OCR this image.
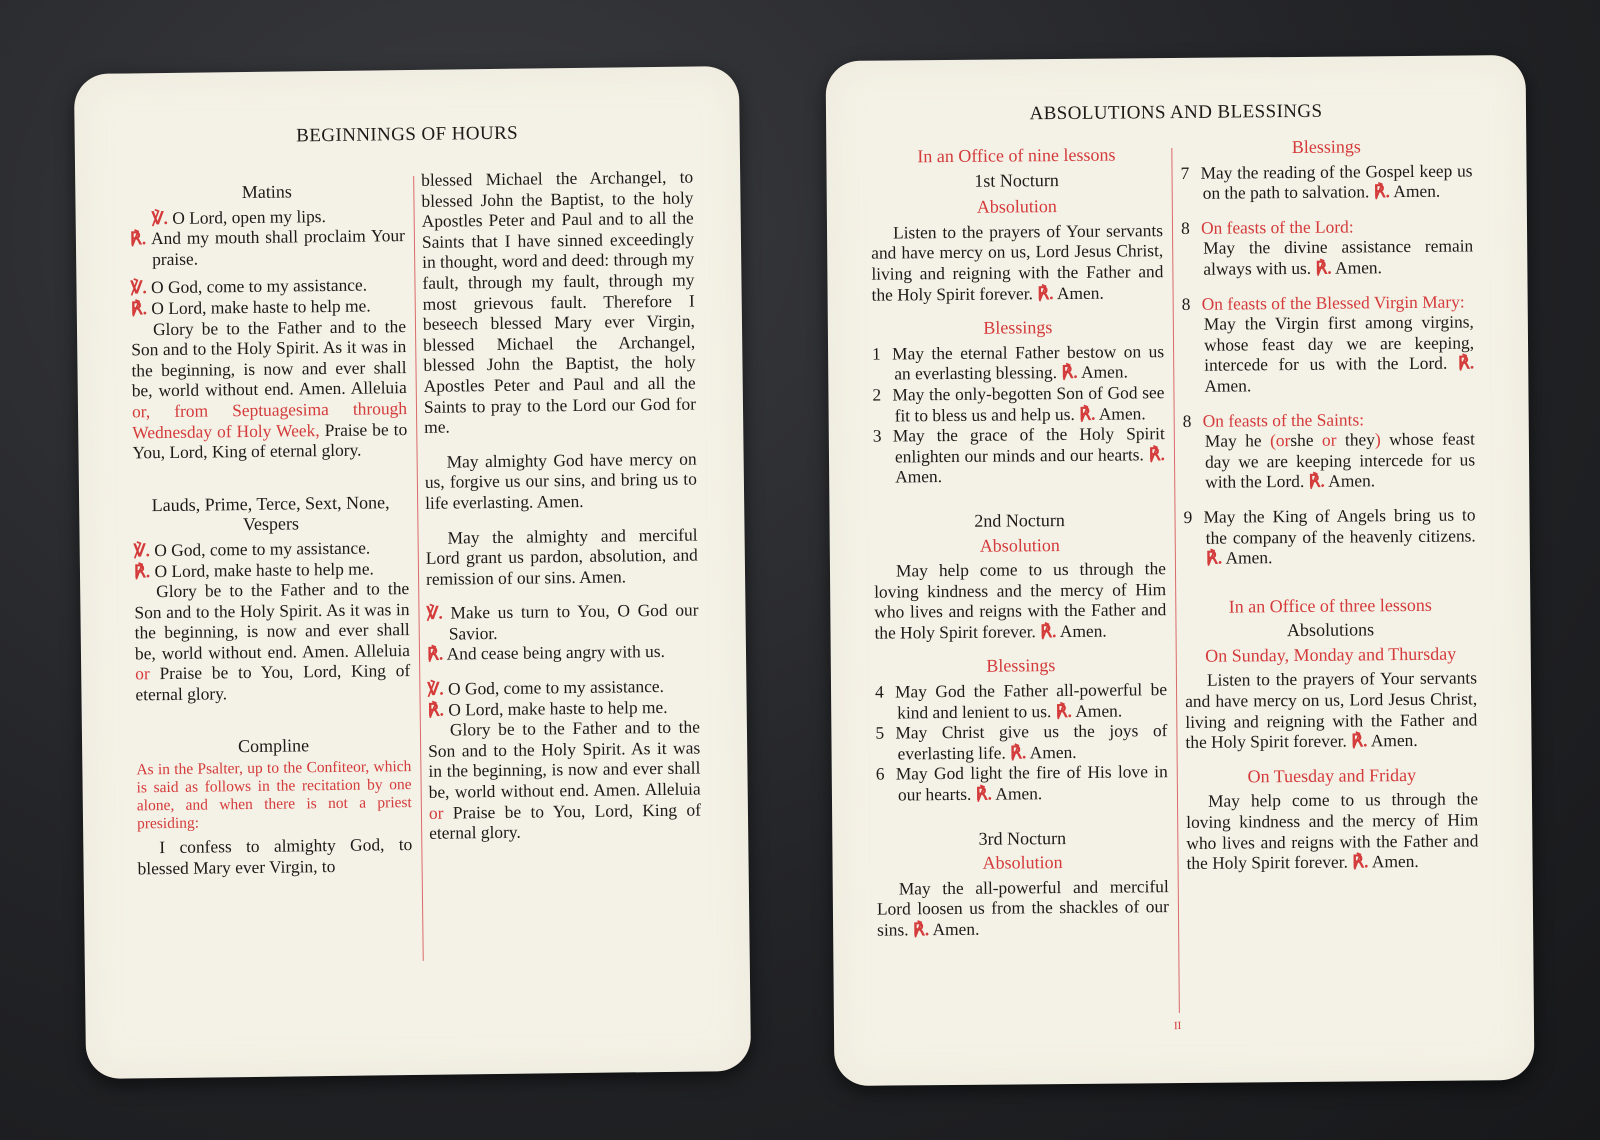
BEGINNINGS OF HOURS

Matins

℣. O Lord, open my lips.

℟. And my mouth shall proclaim Your praise.

℣. O God, come to my assistance.

℟. O Lord, make haste to help me.

Glory be to the Father and to the Son and to the Holy Spirit. As it was in the beginning, is now and ever shall be, world without end. Amen. Alleluia or, from Septuagesima through Wednesday of Holy Week, Praise be to You, Lord, King of eternal glory.

Lauds, Prime, Terce, Sext, None, Vespers

℣. O God, come to my assistance.

℟. O Lord, make haste to help me.

Glory be to the Father and to the Son and to the Holy Spirit. As it was in the beginning, is now and ever shall be, world without end. Amen. Alleluia or Praise be to You, Lord, King of eternal glory.

Compline

As in the Psalter, up to the Confiteor, which is said as follows in the recitation by one alone, and when there is not a priest presiding:

I confess to almighty God, to blessed Mary ever Virgin, to

blessed Michael the Archangel, to blessed John the Baptist, to the holy Apostles Peter and Paul and to all the Saints that I have sinned exceedingly in thought, word and deed: through my fault, through my fault, through my most grievous fault. Therefore I beseech blessed Mary ever Virgin, blessed Michael the Archangel, blessed John the Baptist, the holy Apostles Peter and Paul and all the Saints to pray to the Lord our God for me.

May almighty God have mercy on us, forgive us our sins, and bring us to life everlasting. Amen.

May the almighty and merciful Lord grant us pardon, absolution, and remission of our sins. Amen.

℣. Make us turn to You, O God our Savior.

℟. And cease being angry with us.

℣. O God, come to my assistance.

℟. O Lord, make haste to help me.

Glory be to the Father and to the Son and to the Holy Spirit. As it was in the beginning, is now and ever shall be, world without end. Amen. Alleluia or Praise be to You, Lord, King of eternal glory.

ABSOLUTIONS AND BLESSINGS

In an Office of nine lessons

1st Nocturn

Absolution

Listen to the prayers of Your servants and have mercy on us, Lord Jesus Christ, living and reigning with the Father and the Holy Spirit forever. ℟. Amen.

Blessings

1 May the eternal Father bestow on us an everlasting blessing. ℟. Amen.

2 May the only-begotten Son of God see fit to bless us and help us. ℟. Amen.

3 May the grace of the Holy Spirit enlighten our minds and our hearts. ℟. Amen.

2nd Nocturn

Absolution

May help come to us through the loving kindness and the mercy of Him who lives and reigns with the Father and the Holy Spirit forever. ℟. Amen.

Blessings

4 May God the Father all-powerful be kind and lenient to us. ℟. Amen.

5 May Christ give us the joys of everlasting life. ℟. Amen.

6 May God light the fire of His love in our hearts. ℟. Amen.

3rd Nocturn

Absolution

May the all-powerful and merciful Lord loosen us from the shackles of our sins. ℟. Amen.

Blessings

7 May the reading of the Gospel keep us on the path to salvation. ℟. Amen.

8 On feasts of the Lord:

May the divine assistance remain always with us. ℟. Amen.

8 On feasts of the Blessed Virgin Mary:

May the Virgin first among virgins, whose feast day we are keeping, intercede for us with the Lord. ℟. Amen.

8 On feasts of the Saints:

May he (orshe or they) whose feast day we are keeping intercede for us with the Lord. ℟. Amen.

9 May the King of Angels bring us to the company of the heavenly citizens. ℟. Amen.

In an Office of three lessons

Absolutions

On Sunday, Monday and Thursday

Listen to the prayers of Your servants and have mercy on us, Lord Jesus Christ, living and reigning with the Father and the Holy Spirit forever. ℟. Amen.

On Tuesday and Friday

May help come to us through the loving kindness and the mercy of Him who lives and reigns with the Father and the Holy Spirit forever. ℟. Amen.

II
